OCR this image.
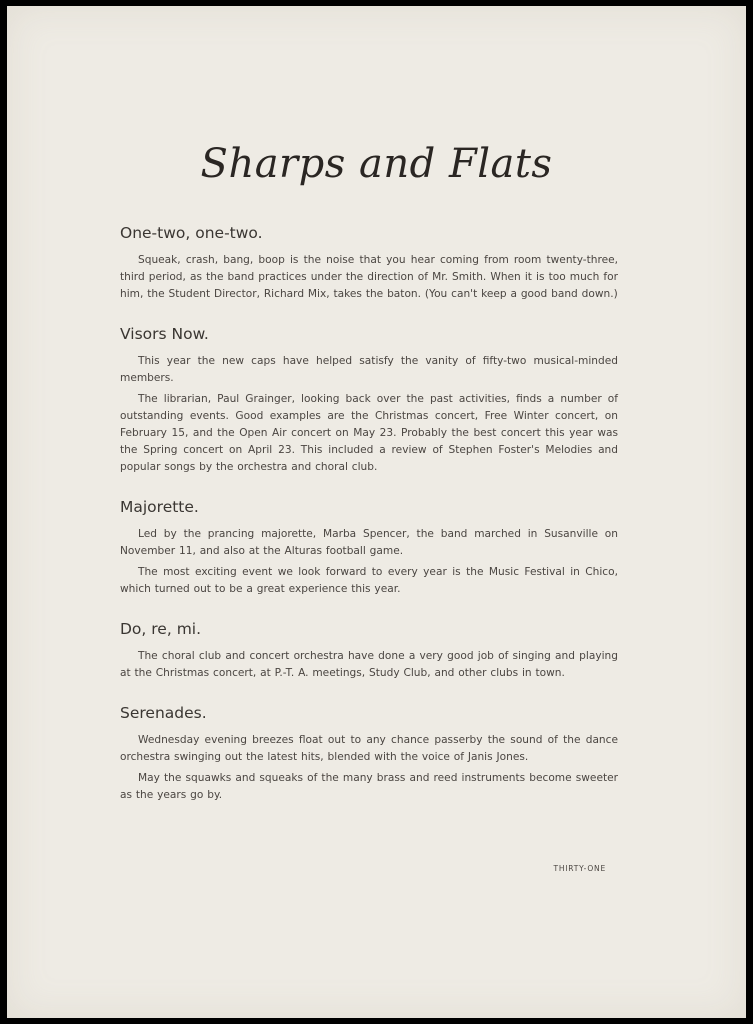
Sharps and Flats
One-two, one-two.

Squeak, crash, bang, boop is the noise that you hear coming from room twenty-three, third period, as the band practices under the direction of Mr. Smith. When it is too much for him, the Student Director, Richard Mix, takes the baton. (You can't keep a good band down.)

Visors Now.

This year the new caps have helped satisfy the vanity of fifty-two musical-minded members.

The librarian, Paul Grainger, looking back over the past activities, finds a number of outstanding events. Good examples are the Christmas concert, Free Winter concert, on February 15, and the Open Air concert on May 23. Probably the best concert this year was the Spring concert on April 23. This included a review of Stephen Foster's Melodies and popular songs by the orchestra and choral club.

Majorette.

Led by the prancing majorette, Marba Spencer, the band marched in Susanville on November 11, and also at the Alturas football game.

The most exciting event we look forward to every year is the Music Festival in Chico, which turned out to be a great experience this year.

Do, re, mi.

The choral club and concert orchestra have done a very good job of singing and playing at the Christmas concert, at P.-T. A. meetings, Study Club, and other clubs in town.

Serenades.

Wednesday evening breezes float out to any chance passerby the sound of the dance orchestra swinging out the latest hits, blended with the voice of Janis Jones.

May the squawks and squeaks of the many brass and reed instruments become sweeter as the years go by.

THIRTY-ONE
